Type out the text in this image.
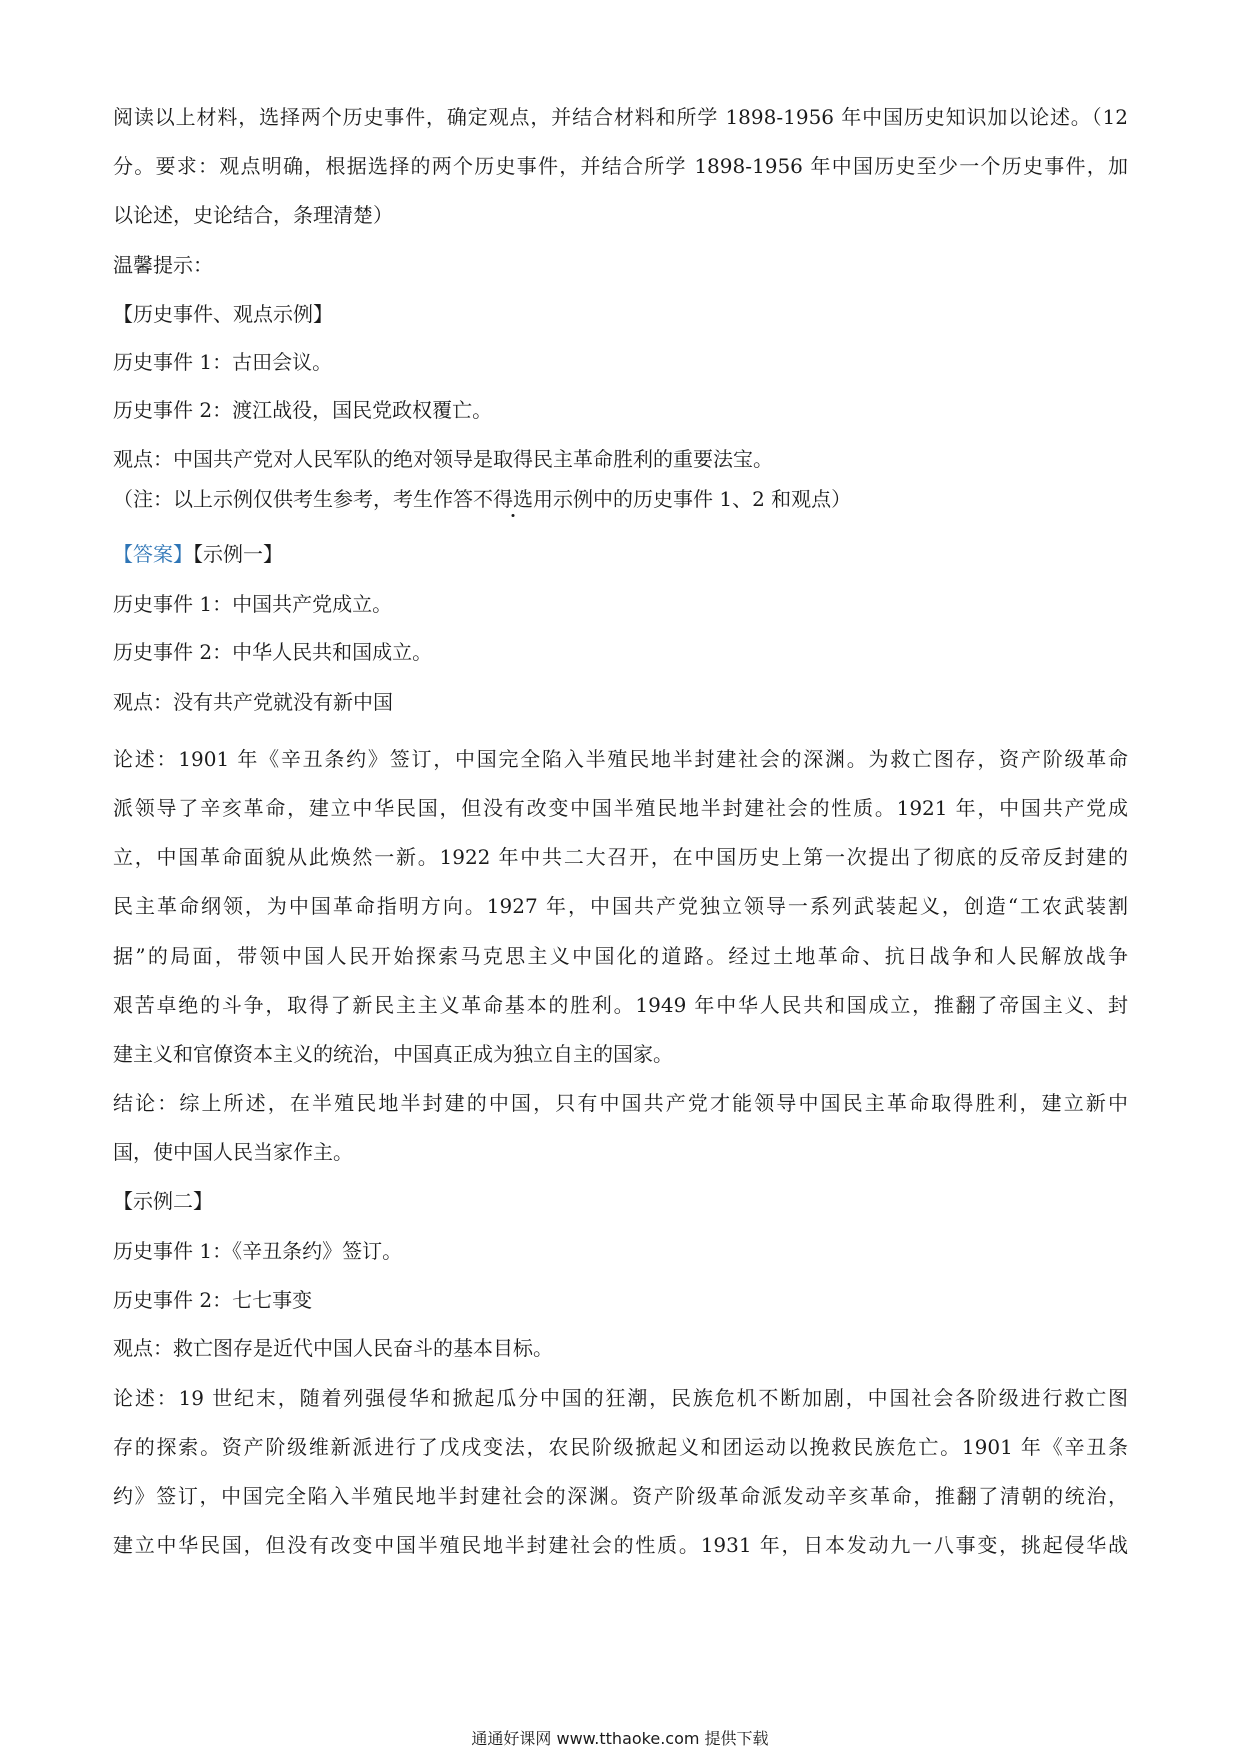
阅读以上材料，选择两个历史事件，确定观点，并结合材料和所学 1898-1956 年中国历史知识加以论述。（12
分。要求：观点明确，根据选择的两个历史事件，并结合所学 1898-1956 年中国历史至少一个历史事件，加
以论述，史论结合，条理清楚）
温馨提示：
【历史事件、观点示例】
历史事件 1：古田会议。
历史事件 2：渡江战役，国民党政权覆亡。
观点：中国共产党对人民军队的绝对领导是取得民主革命胜利的重要法宝。
（注：以上示例仅供考生参考，考生作答不得选用示例中的历史事件 1、2 和观点）
【答案】【示例一】
历史事件 1：中国共产党成立。
历史事件 2：中华人民共和国成立。
观点：没有共产党就没有新中国
论述：1901 年《辛丑条约》签订，中国完全陷入半殖民地半封建社会的深渊。为救亡图存，资产阶级革命
派领导了辛亥革命，建立中华民国，但没有改变中国半殖民地半封建社会的性质。1921 年，中国共产党成
立，中国革命面貌从此焕然一新。1922 年中共二大召开，在中国历史上第一次提出了彻底的反帝反封建的
民主革命纲领，为中国革命指明方向。1927 年，中国共产党独立领导一系列武装起义，创造“工农武装割
据”的局面，带领中国人民开始探索马克思主义中国化的道路。经过土地革命、抗日战争和人民解放战争
艰苦卓绝的斗争，取得了新民主主义革命基本的胜利。1949 年中华人民共和国成立，推翻了帝国主义、封
建主义和官僚资本主义的统治，中国真正成为独立自主的国家。
结论：综上所述，在半殖民地半封建的中国，只有中国共产党才能领导中国民主革命取得胜利，建立新中
国，使中国人民当家作主。
【示例二】
历史事件 1：《辛丑条约》签订。
历史事件 2：七七事变
观点：救亡图存是近代中国人民奋斗的基本目标。
论述：19 世纪末，随着列强侵华和掀起瓜分中国的狂潮，民族危机不断加剧，中国社会各阶级进行救亡图
存的探索。资产阶级维新派进行了戊戌变法，农民阶级掀起义和团运动以挽救民族危亡。1901 年《辛丑条
约》签订，中国完全陷入半殖民地半封建社会的深渊。资产阶级革命派发动辛亥革命，推翻了清朝的统治，
建立中华民国，但没有改变中国半殖民地半封建社会的性质。1931 年，日本发动九一八事变，挑起侵华战
通通好课网 www.tthaoke.com 提供下载
